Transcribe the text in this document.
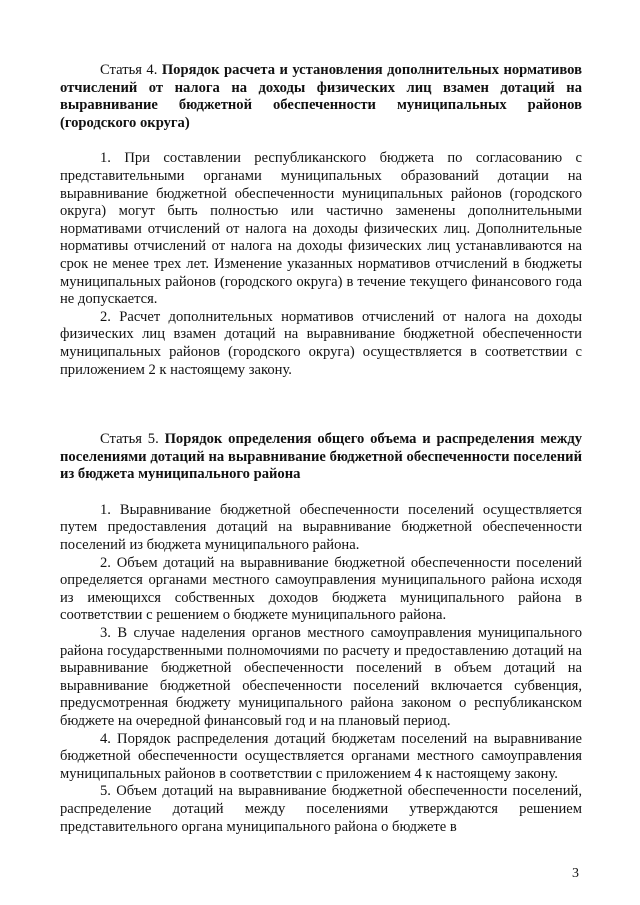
Статья 4. Порядок расчета и установления дополнительных нормативов отчислений от налога на доходы физических лиц взамен дотаций на выравнивание бюджетной обеспеченности муниципальных районов (городского округа)

1. При составлении республиканского бюджета по согласованию с представительными органами муниципальных образований дотации на выравнивание бюджетной обеспеченности муниципальных районов (городского округа) могут быть полностью или частично заменены дополнительными нормативами отчислений от налога на доходы физических лиц. Дополнительные нормативы отчислений от налога на доходы физических лиц устанавливаются на срок не менее трех лет. Изменение указанных нормативов отчислений в бюджеты муниципальных районов (городского округа) в течение текущего финансового года не допускается.

2. Расчет дополнительных нормативов отчислений от налога на доходы физических лиц взамен дотаций на выравнивание бюджетной обеспеченности муниципальных районов (городского округа) осуществляется в соответствии с приложением 2 к настоящему закону.

Статья 5. Порядок определения общего объема и распределения между поселениями дотаций на выравнивание бюджетной обеспеченности поселений из бюджета муниципального района

1. Выравнивание бюджетной обеспеченности поселений осуществляется путем предоставления дотаций на выравнивание бюджетной обеспеченности поселений из бюджета муниципального района.

2. Объем дотаций на выравнивание бюджетной обеспеченности поселений определяется органами местного самоуправления муниципального района исходя из имеющихся собственных доходов бюджета муниципального района в соответствии с решением о бюджете муниципального района.

3. В случае наделения органов местного самоуправления муниципального района государственными полномочиями по расчету и предоставлению дотаций на выравнивание бюджетной обеспеченности поселений в объем дотаций на выравнивание бюджетной обеспеченности поселений включается субвенция, предусмотренная бюджету муниципального района законом о республиканском бюджете на очередной финансовый год и на плановый период.

4. Порядок распределения дотаций бюджетам поселений на выравнивание бюджетной обеспеченности осуществляется органами местного самоуправления муниципальных районов в соответствии с приложением 4 к настоящему закону.

5. Объем дотаций на выравнивание бюджетной обеспеченности поселений, распределение дотаций между поселениями утверждаются решением представительного органа муниципального района о бюджете в

3
